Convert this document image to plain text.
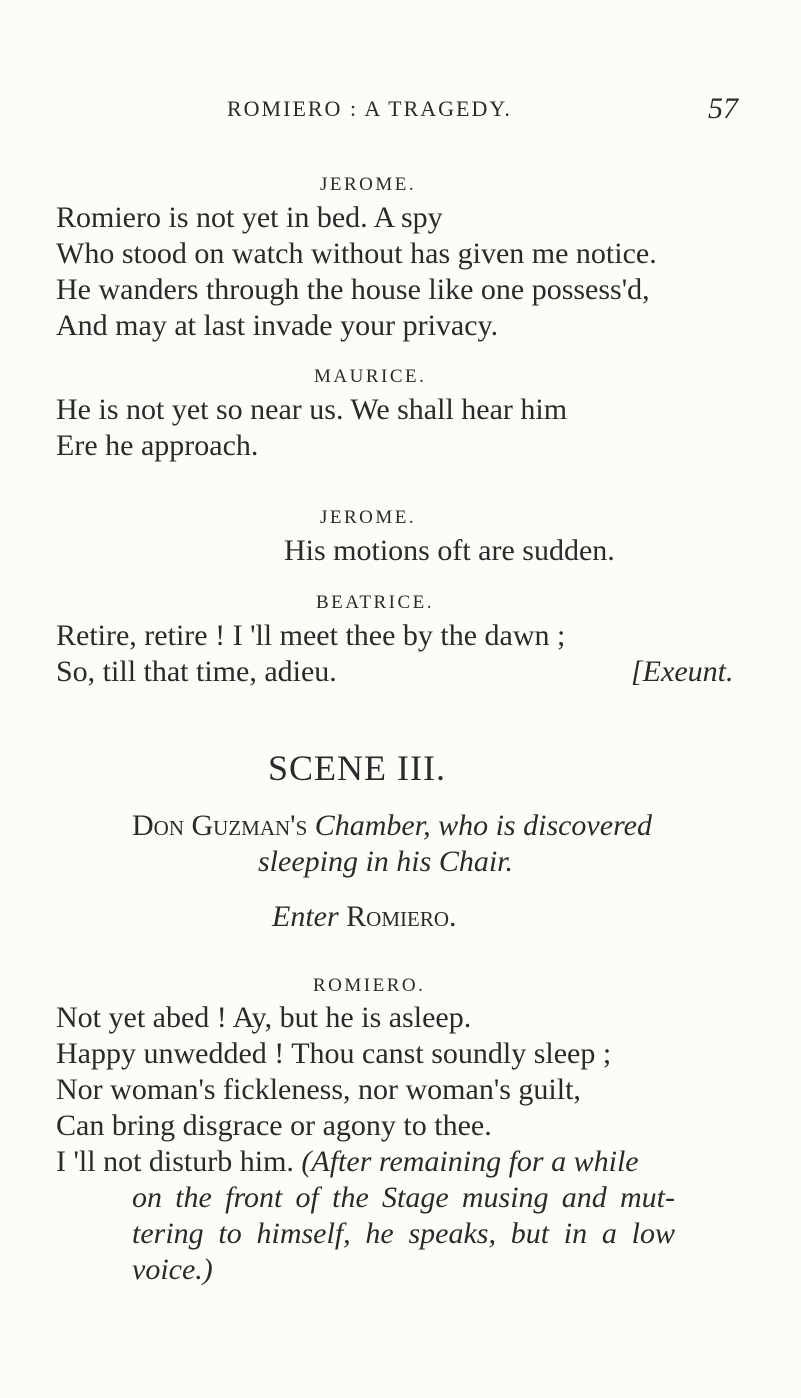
ROMIERO : A TRAGEDY.	57
JEROME.
Romiero is not yet in bed. A spy
Who stood on watch without has given me notice.
He wanders through the house like one possess'd,
And may at last invade your privacy.
MAURICE.
He is not yet so near us. We shall hear him
Ere he approach.
JEROME.
His motions oft are sudden.
BEATRICE.
Retire, retire ! I 'll meet thee by the dawn ;
So, till that time, adieu.	[Exeunt.
SCENE III.
Don Guzman's Chamber, who is discovered
sleeping in his Chair.
Enter Romiero.
ROMIERO.
Not yet abed ! Ay, but he is asleep.
Happy unwedded ! Thou canst soundly sleep ;
Nor woman's fickleness, nor woman's guilt,
Can bring disgrace or agony to thee.
I 'll not disturb him. (After remaining for a while
on the front of the Stage musing and mut-
tering to himself, he speaks, but in a low
voice.)
